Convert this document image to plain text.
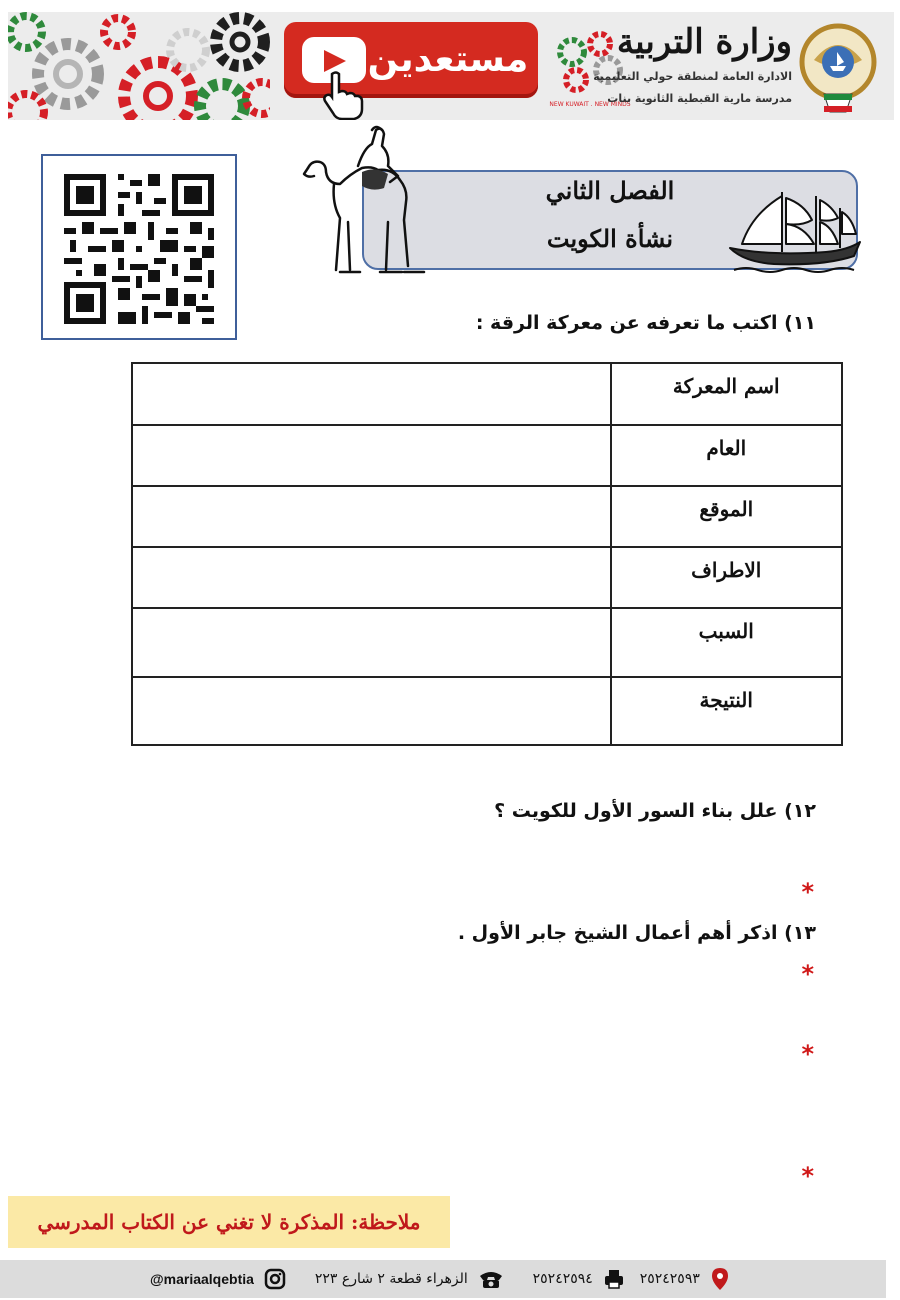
مستعدين
NEW KUWAIT . NEW MINDS
وزارة التربية
الادارة العامة لمنطقة حولي التعليمية
مدرسة مارية القبطية الثانوية بنات
الفصل الثاني
نشأة الكويت
١١) اكتب ما تعرفه عن معركة الرقة :
اسم المعركة	
العام	
الموقع	
الاطراف	
السبب	
النتيجة	
١٢) علل بناء السور الأول للكويت ؟
*
١٣) اذكر أهم أعمال الشيخ جابر الأول .
*
*
*
ملاحظة: المذكرة لا تغني عن الكتاب المدرسي
@mariaalqebtia	٢٥٢٤٢٥٩٣  ٢٥٢٤٢٥٩٤  الزهراء قطعة ٢ شارع ٢٢٣
